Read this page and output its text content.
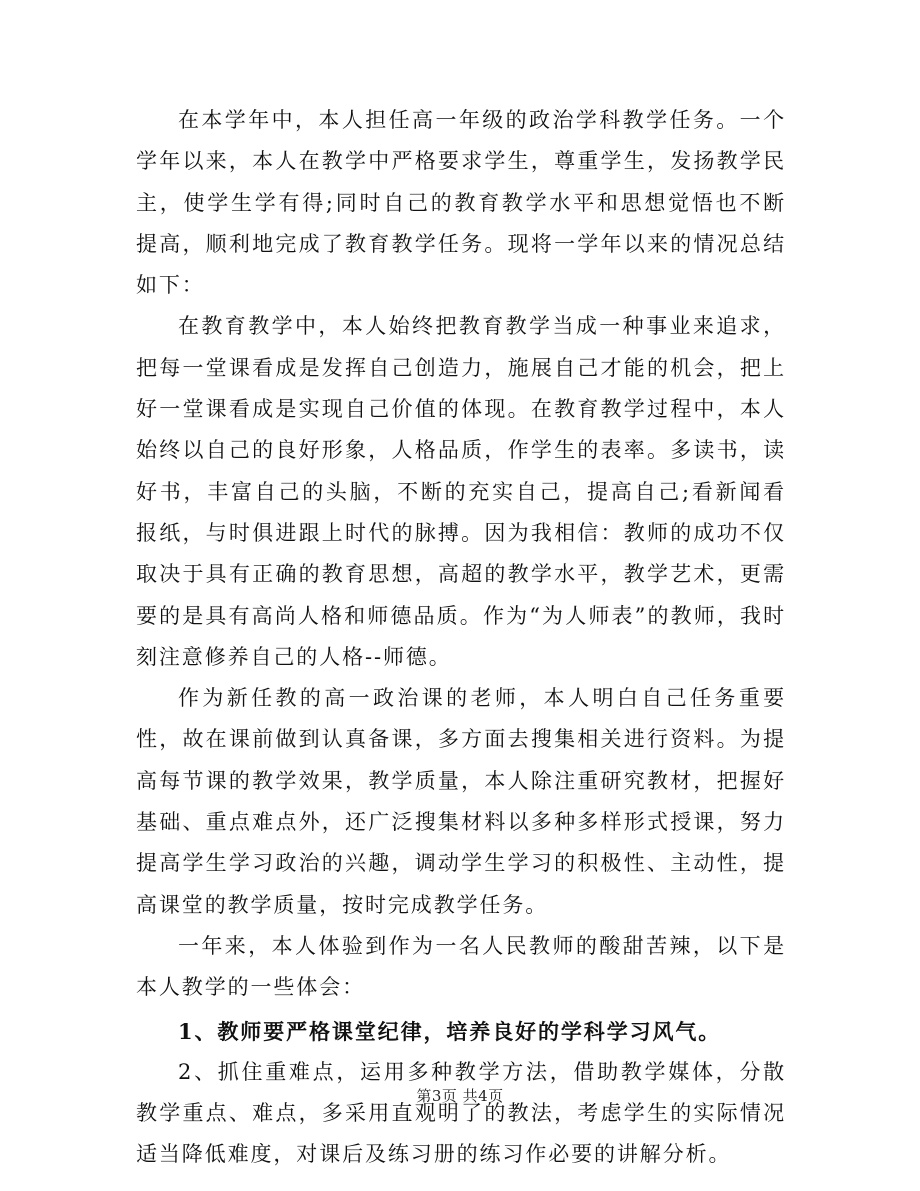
在本学年中，本人担任高一年级的政治学科教学任务。一个学年以来，本人在教学中严格要求学生，尊重学生，发扬教学民主，使学生学有得;同时自己的教育教学水平和思想觉悟也不断提高，顺利地完成了教育教学任务。现将一学年以来的情况总结如下：

在教育教学中，本人始终把教育教学当成一种事业来追求，把每一堂课看成是发挥自己创造力，施展自己才能的机会，把上好一堂课看成是实现自己价值的体现。在教育教学过程中，本人始终以自己的良好形象，人格品质，作学生的表率。多读书，读好书，丰富自己的头脑，不断的充实自己，提高自己;看新闻看报纸，与时俱进跟上时代的脉搏。因为我相信：教师的成功不仅取决于具有正确的教育思想，高超的教学水平，教学艺术，更需要的是具有高尚人格和师德品质。作为“为人师表”的教师，我时刻注意修养自己的人格--师德。

作为新任教的高一政治课的老师，本人明白自己任务重要性，故在课前做到认真备课，多方面去搜集相关进行资料。为提高每节课的教学效果，教学质量，本人除注重研究教材，把握好基础、重点难点外，还广泛搜集材料以多种多样形式授课，努力提高学生学习政治的兴趣，调动学生学习的积极性、主动性，提高课堂的教学质量，按时完成教学任务。

一年来，本人体验到作为一名人民教师的酸甜苦辣，以下是本人教学的一些体会：

1、教师要严格课堂纪律，培养良好的学科学习风气。

2、抓住重难点，运用多种教学方法，借助教学媒体，分散教学重点、难点，多采用直观明了的教法，考虑学生的实际情况适当降低难度，对课后及练习册的练习作必要的讲解分析。

第3页 共4页
